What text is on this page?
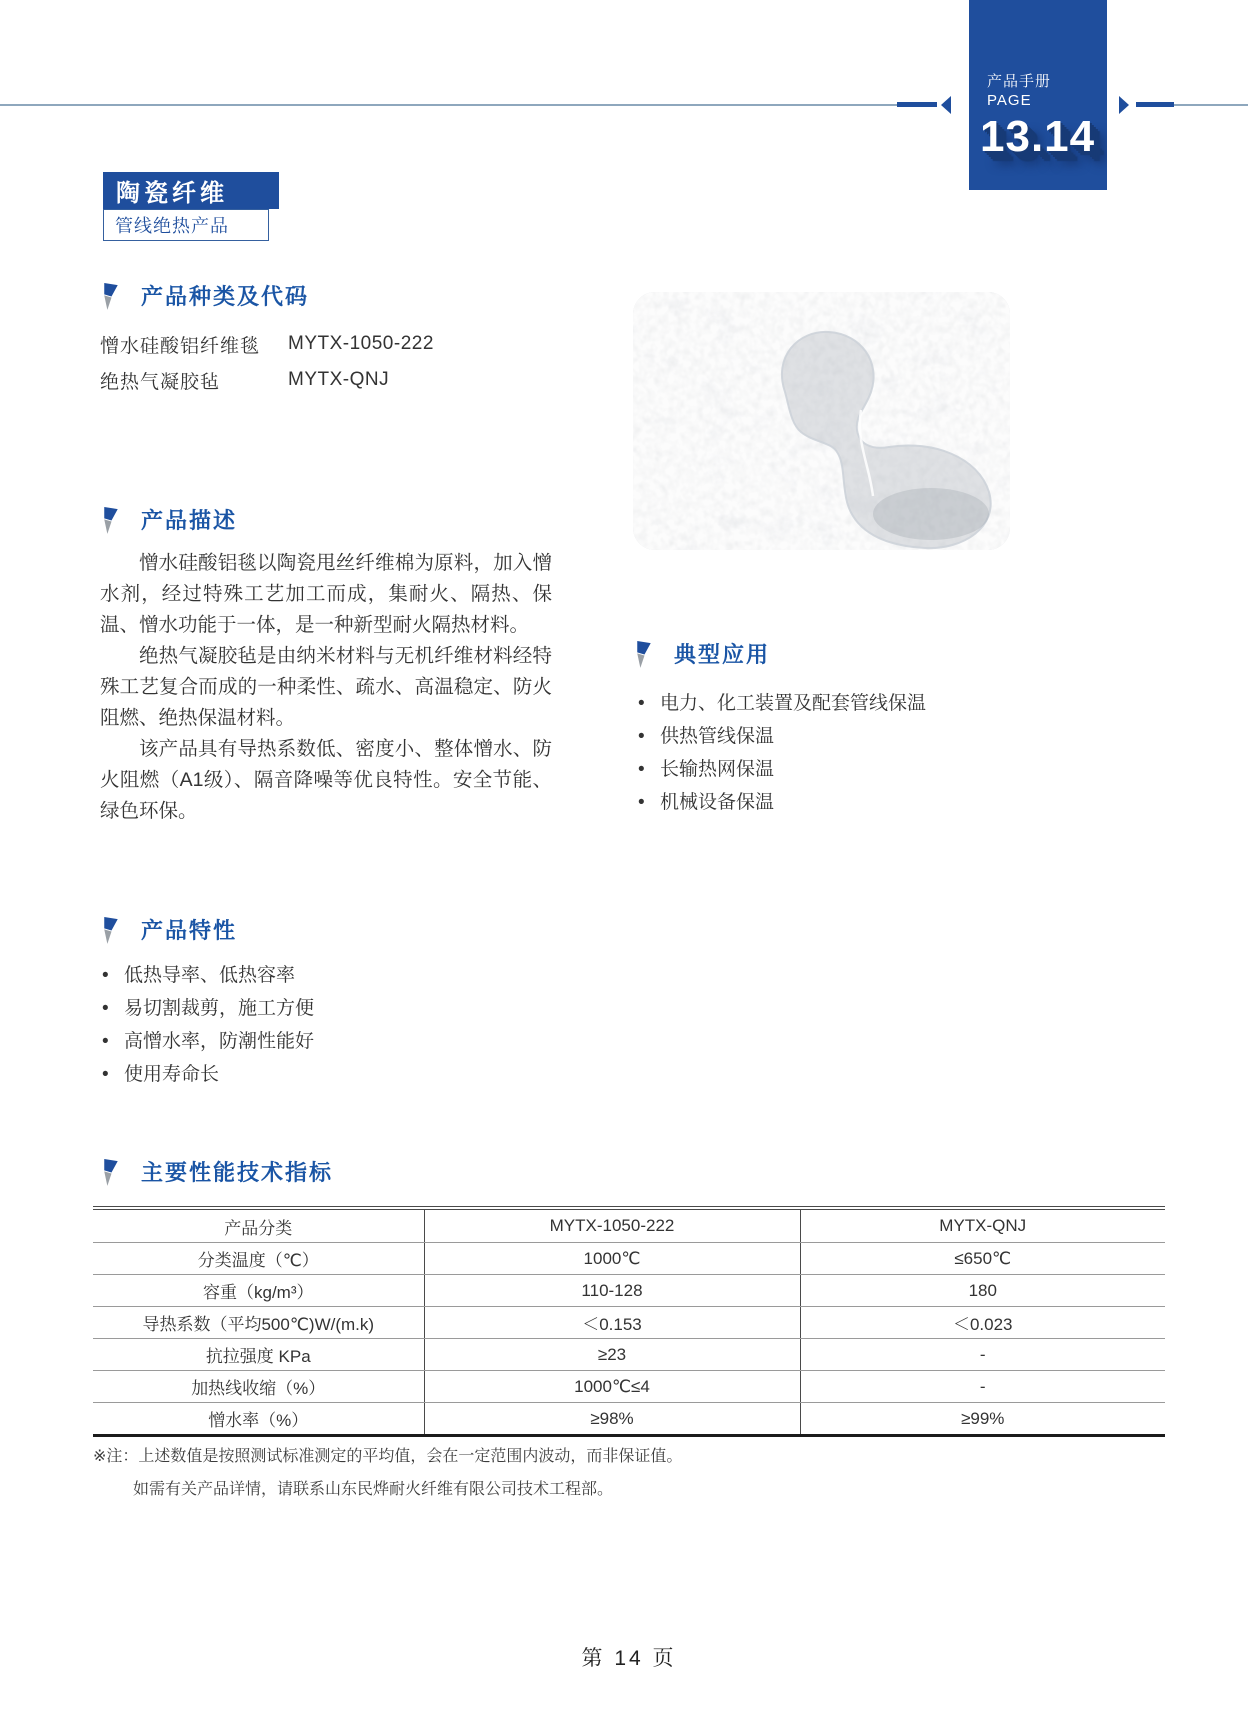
产品手册
PAGE
13.14
陶瓷纤维
管线绝热产品
产品种类及代码
憎水硅酸铝纤维毯	MYTX-1050-222
绝热气凝胶毡	MYTX-QNJ
产品描述

憎水硅酸铝毯以陶瓷甩丝纤维棉为原料，加入憎水剂，经过特殊工艺加工而成，集耐火、隔热、保温、憎水功能于一体，是一种新型耐火隔热材料。

绝热气凝胶毡是由纳米材料与无机纤维材料经特殊工艺复合而成的一种柔性、疏水、高温稳定、防火阻燃、绝热保温材料。

该产品具有导热系数低、密度小、整体憎水、防火阻燃（A1级）、隔音降噪等优良特性。安全节能、绿色环保。

典型应用
• 电力、化工装置及配套管线保温
• 供热管线保温
• 长输热网保温
• 机械设备保温
产品特性
• 低热导率、低热容率
• 易切割裁剪，施工方便
• 高憎水率，防潮性能好
• 使用寿命长
主要性能技术指标
产品分类	MYTX-1050-222	MYTX-QNJ
分类温度（℃）	1000℃	≤650℃
容重（kg/m³）	110-128	180
导热系数（平均500℃)W/(m.k)	＜0.153	＜0.023
抗拉强度 KPa	≥23	-
加热线收缩（%）	1000℃≤4	-
憎水率（%）	≥98%	≥99%
※注：上述数值是按照测试标准测定的平均值，会在一定范围内波动，而非保证值。
如需有关产品详情，请联系山东民烨耐火纤维有限公司技术工程部。
第 14 页
